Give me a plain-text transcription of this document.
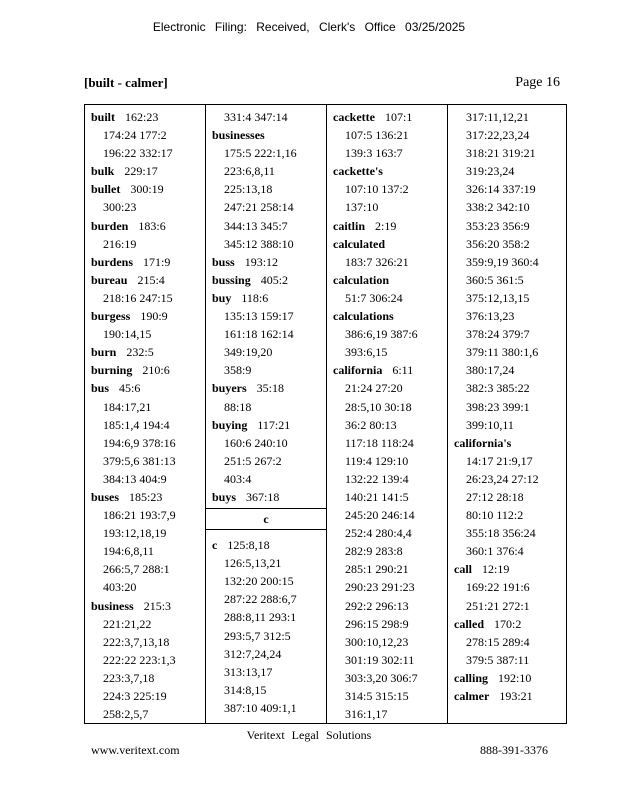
Electronic Filing: Received, Clerk's Office 03/25/2025
[built - calmer]	Page 16
built 162:23
174:24 177:2
196:22 332:17
bulk 229:17
bullet 300:19
300:23
burden 183:6
216:19
burdens 171:9
bureau 215:4
218:16 247:15
burgess 190:9
190:14,15
burn 232:5
burning 210:6
bus 45:6
184:17,21
185:1,4 194:4
194:6,9 378:16
379:5,6 381:13
384:13 404:9
buses 185:23
186:21 193:7,9
193:12,18,19
194:6,8,11
266:5,7 288:1
403:20
business 215:3
221:21,22
222:3,7,13,18
222:22 223:1,3
223:3,7,18
224:3 225:19
258:2,5,7
331:4 347:14
businesses
175:5 222:1,16
223:6,8,11
225:13,18
247:21 258:14
344:13 345:7
345:12 388:10
buss 193:12
bussing 405:2
buy 118:6
135:13 159:17
161:18 162:14
349:19,20
358:9
buyers 35:18
88:18
buying 117:21
160:6 240:10
251:5 267:2
403:4
buys 367:18
c
c 125:8,18
126:5,13,21
132:20 200:15
287:22 288:6,7
288:8,11 293:1
293:5,7 312:5
312:7,24,24
313:13,17
314:8,15
387:10 409:1,1
cackette 107:1
107:5 136:21
139:3 163:7
cackette's
107:10 137:2
137:10
caitlin 2:19
calculated
183:7 326:21
calculation
51:7 306:24
calculations
386:6,19 387:6
393:6,15
california 6:11
21:24 27:20
28:5,10 30:18
36:2 80:13
117:18 118:24
119:4 129:10
132:22 139:4
140:21 141:5
245:20 246:14
252:4 280:4,4
282:9 283:8
285:1 290:21
290:23 291:23
292:2 296:13
296:15 298:9
300:10,12,23
301:19 302:11
303:3,20 306:7
314:5 315:15
316:1,17
317:11,12,21
317:22,23,24
318:21 319:21
319:23,24
326:14 337:19
338:2 342:10
353:23 356:9
356:20 358:2
359:9,19 360:4
360:5 361:5
375:12,13,15
376:13,23
378:24 379:7
379:11 380:1,6
380:17,24
382:3 385:22
398:23 399:1
399:10,11
california's
14:17 21:9,17
26:23,24 27:12
27:12 28:18
80:10 112:2
355:18 356:24
360:1 376:4
call 12:19
169:22 191:6
251:21 272:1
called 170:2
278:15 289:4
379:5 387:11
calling 192:10
calmer 193:21
Veritext Legal Solutions
www.veritext.com	888-391-3376
